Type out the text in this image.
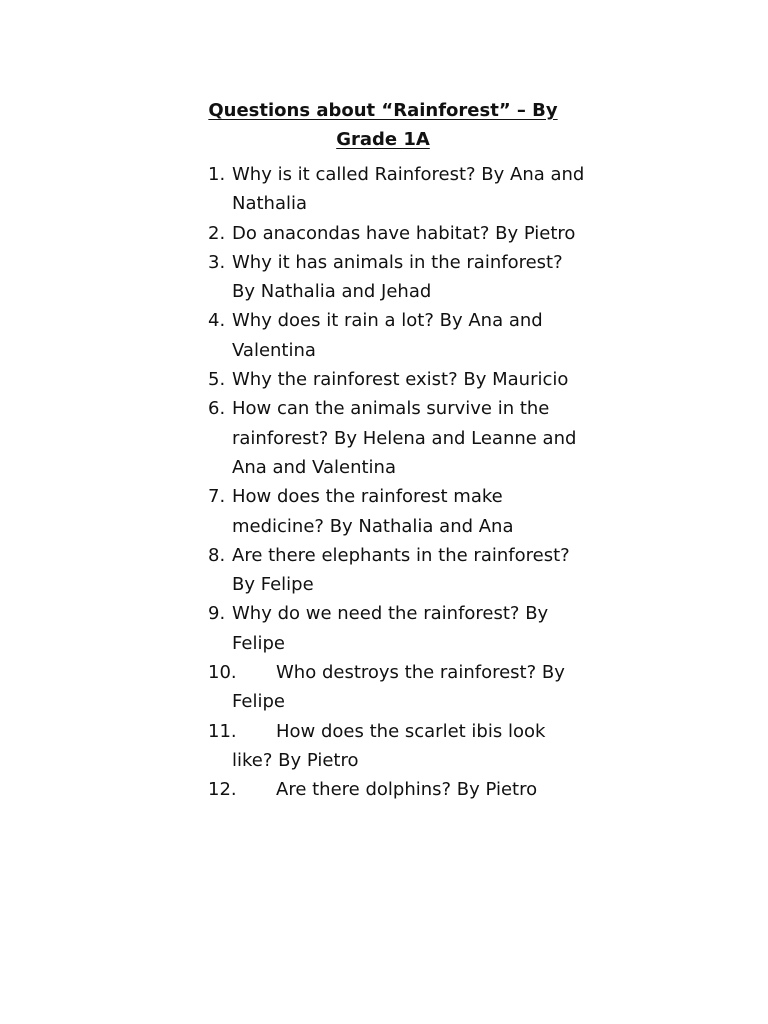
Questions about “Rainforest” – By
Grade 1A
1. Why is it called Rainforest? By Ana and Nathalia
2. Do anacondas have habitat? By Pietro
3. Why it has animals in the rainforest? By Nathalia and Jehad
4. Why does it rain a lot? By Ana and Valentina
5. Why the rainforest exist? By Mauricio
6. How can the animals survive in the rainforest? By Helena and Leanne and Ana and Valentina
7. How does the rainforest make medicine? By Nathalia and Ana
8. Are there elephants in the rainforest? By Felipe
9. Why do we need the rainforest? By Felipe
10.	Who destroys the rainforest? By Felipe
11.	How does the scarlet ibis look like? By Pietro
12.	Are there dolphins? By Pietro
